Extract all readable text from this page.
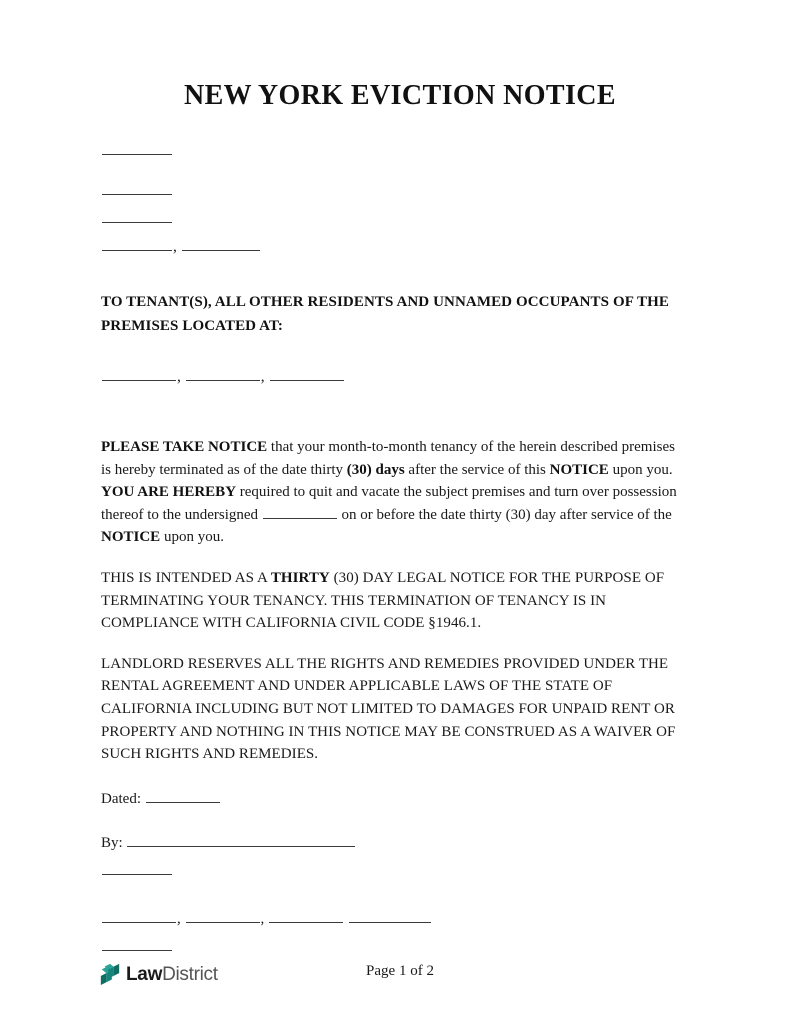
NEW YORK EVICTION NOTICE
,
TO TENANT(S), ALL OTHER RESIDENTS AND UNNAMED OCCUPANTS OF THE PREMISES LOCATED AT:
,	,
PLEASE TAKE NOTICE that your month-to-month tenancy of the herein described premises is hereby terminated as of the date thirty (30) days after the service of this NOTICE upon you. YOU ARE HEREBY required to quit and vacate the subject premises and turn over possession thereof to the undersigned	on or before the date thirty (30) day after service of the NOTICE upon you.
THIS IS INTENDED AS A THIRTY (30) DAY LEGAL NOTICE FOR THE PURPOSE OF TERMINATING YOUR TENANCY. THIS TERMINATION OF TENANCY IS IN COMPLIANCE WITH CALIFORNIA CIVIL CODE §1946.1.
LANDLORD RESERVES ALL THE RIGHTS AND REMEDIES PROVIDED UNDER THE RENTAL AGREEMENT AND UNDER APPLICABLE LAWS OF THE STATE OF CALIFORNIA INCLUDING BUT NOT LIMITED TO DAMAGES FOR UNPAID RENT OR PROPERTY AND NOTHING IN THIS NOTICE MAY BE CONSTRUED AS A WAIVER OF SUCH RIGHTS AND REMEDIES.
Dated:
By:
,	,
LawDistrict	Page 1 of 2
